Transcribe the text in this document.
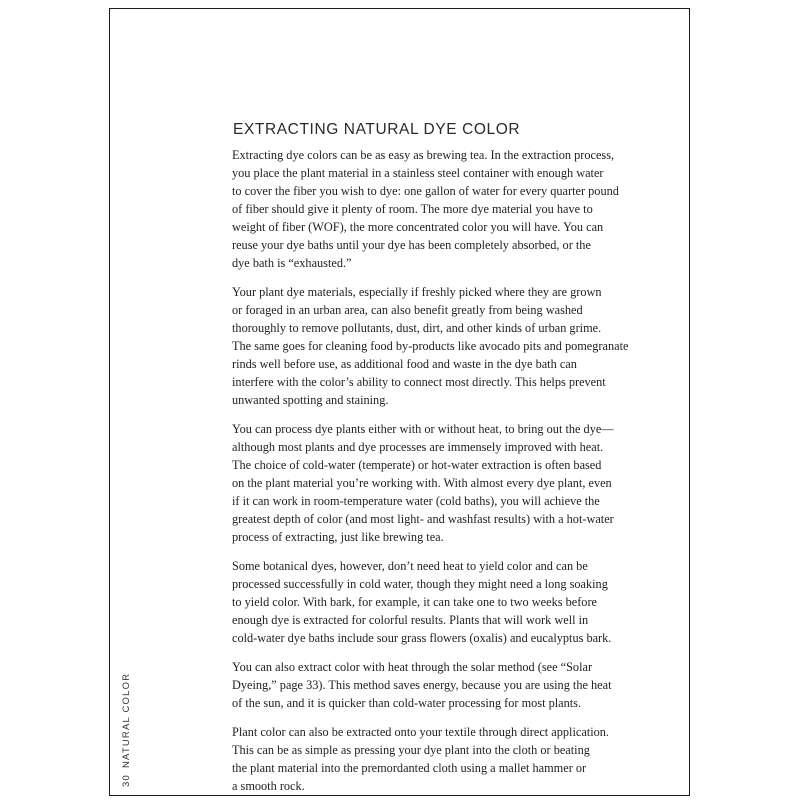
EXTRACTING NATURAL DYE COLOR

Extracting dye colors can be as easy as brewing tea. In the extraction process,
you place the plant material in a stainless steel container with enough water
to cover the fiber you wish to dye: one gallon of water for every quarter pound
of fiber should give it plenty of room. The more dye material you have to
weight of fiber (WOF), the more concentrated color you will have. You can
reuse your dye baths until your dye has been completely absorbed, or the
dye bath is “exhausted.”

Your plant dye materials, especially if freshly picked where they are grown
or foraged in an urban area, can also benefit greatly from being washed
thoroughly to remove pollutants, dust, dirt, and other kinds of urban grime.
The same goes for cleaning food by-products like avocado pits and pomegranate
rinds well before use, as additional food and waste in the dye bath can
interfere with the color’s ability to connect most directly. This helps prevent
unwanted spotting and staining.

You can process dye plants either with or without heat, to bring out the dye—
although most plants and dye processes are immensely improved with heat.
The choice of cold-water (temperate) or hot-water extraction is often based
on the plant material you’re working with. With almost every dye plant, even
if it can work in room-temperature water (cold baths), you will achieve the
greatest depth of color (and most light- and washfast results) with a hot-water
process of extracting, just like brewing tea.

Some botanical dyes, however, don’t need heat to yield color and can be
processed successfully in cold water, though they might need a long soaking
to yield color. With bark, for example, it can take one to two weeks before
enough dye is extracted for colorful results. Plants that will work well in
cold-water dye baths include sour grass flowers (oxalis) and eucalyptus bark.

You can also extract color with heat through the solar method (see “Solar
Dyeing,” page 33). This method saves energy, because you are using the heat
of the sun, and it is quicker than cold-water processing for most plants.

Plant color can also be extracted onto your textile through direct application.
This can be as simple as pressing your dye plant into the cloth or beating
the plant material into the premordanted cloth using a mallet hammer or
a smooth rock.

30NATURAL COLOR
